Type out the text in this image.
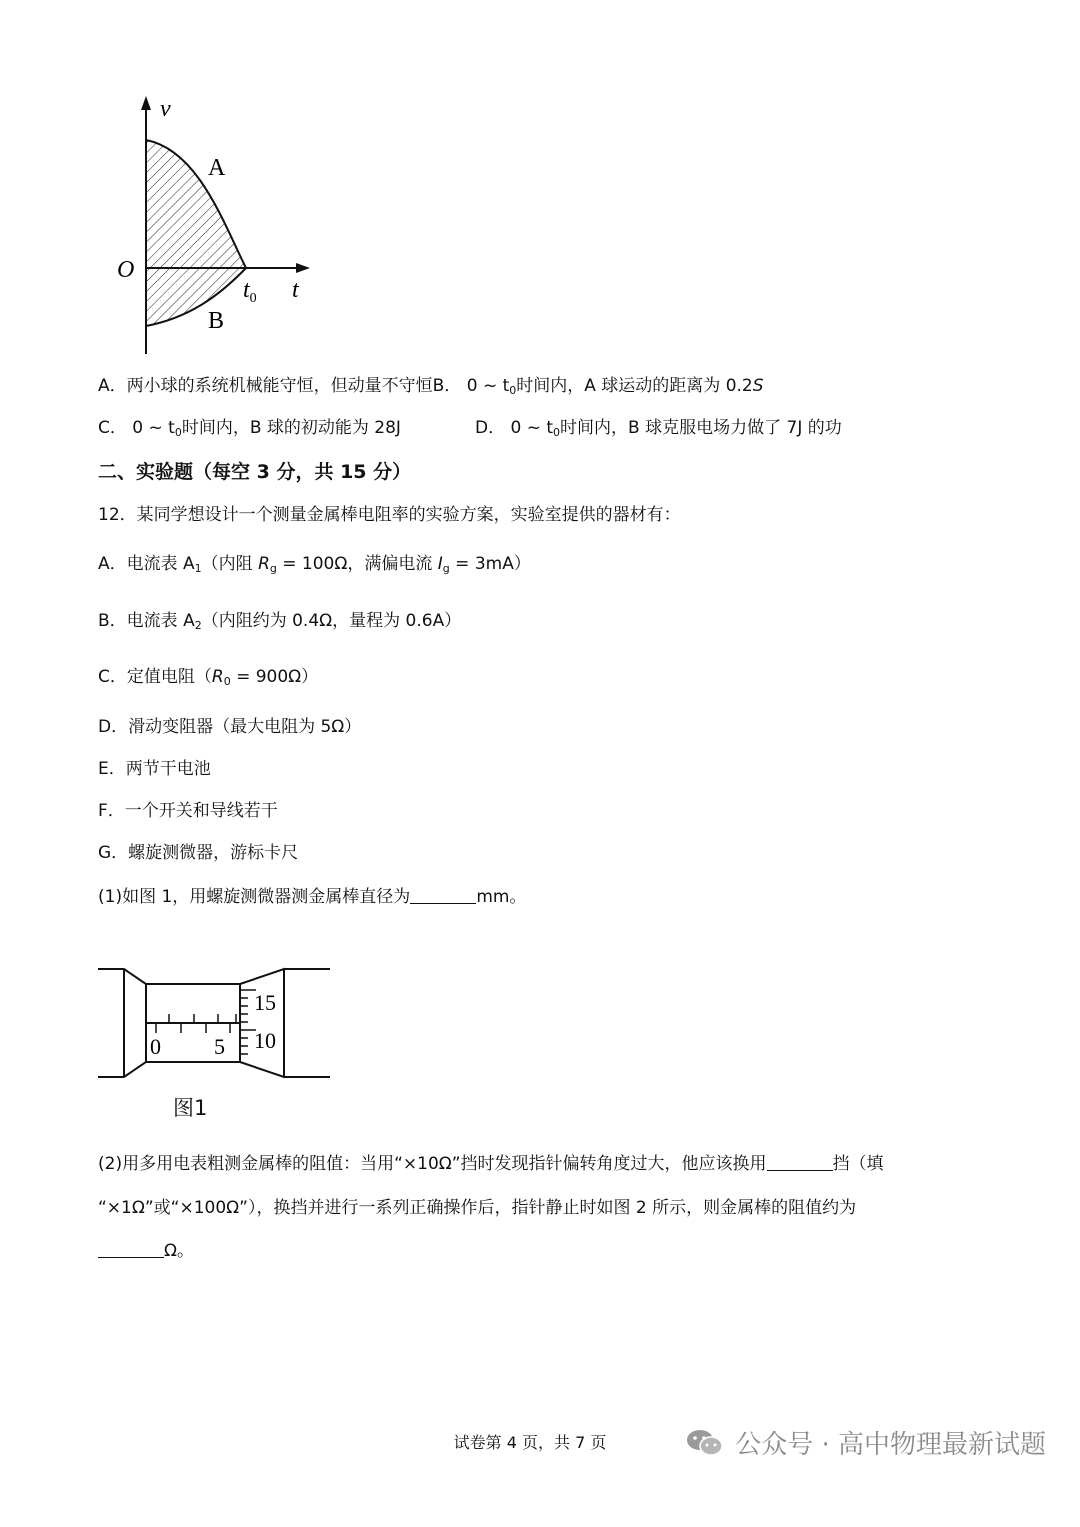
v
t
O
$t_0$
A
B
A．两小球的系统机械能守恒，但动量不守恒B． 0 ~ $t_0$时间内，A 球运动的距离为 0.2S
C． 0 ~ $t_0$时间内，B 球的初动能为 28J	D． 0 ~ $t_0$时间内，B 球克服电场力做了 7J 的功
二、实验题（每空 3 分，共 15 分）
12．某同学想设计一个测量金属棒电阻率的实验方案，实验室提供的器材有：
A．电流表 $A_1$（内阻 $R_g = 100\Omega$，满偏电流 $I_g = 3mA$）
B．电流表 $A_2$（内阻约为 0.4Ω，量程为 0.6A）
C．定值电阻$(R_0 = 900\Omega)$
D．滑动变阻器（最大电阻为 5Ω）
E．两节干电池
F．一个开关和导线若干
G．螺旋测微器，游标卡尺
(1)如图 1，用螺旋测微器测金属棒直径为	mm。
0 5
15
10
图1
(2)用多用电表粗测金属棒的阻值：当用“×10Ω”挡时发现指针偏转角度过大，他应该换用	挡（填
“×1Ω”或“×100Ω”），换挡并进行一系列正确操作后，指针静止时如图 2 所示，则金属棒的阻值约为
Ω。
试卷第 4 页，共 7 页	公众号 · 高中物理最新试题
